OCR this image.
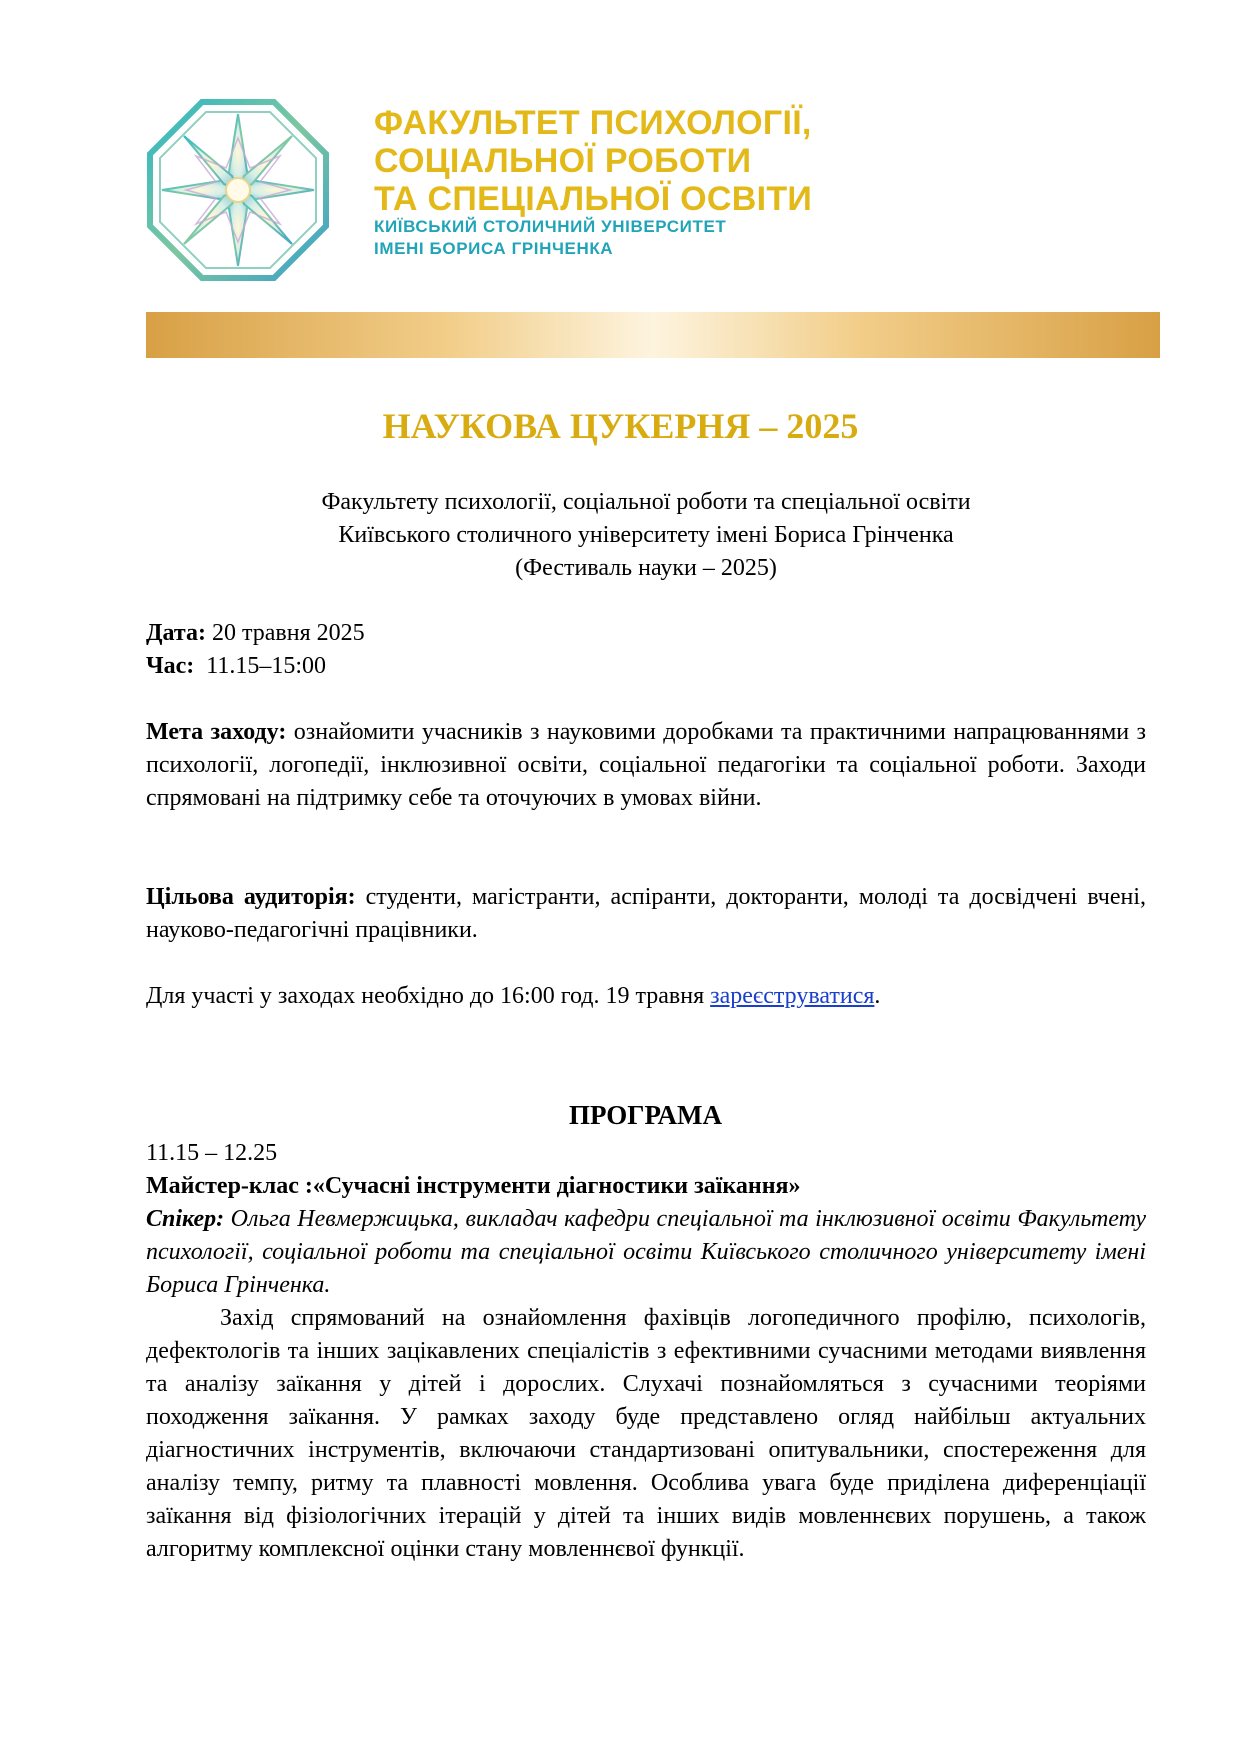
ФАКУЛЬТЕТ ПСИХОЛОГІЇ,
СОЦІАЛЬНОЇ РОБОТИ
ТА СПЕЦІАЛЬНОЇ ОСВІТИ
КИЇВСЬКИЙ СТОЛИЧНИЙ УНІВЕРСИТЕТ
ІМЕНІ БОРИСА ГРІНЧЕНКА
НАУКОВА ЦУКЕРНЯ – 2025
Факультету психології, соціальної роботи та спеціальної освіти
Київського столичного університету імені Бориса Грінченка
(Фестиваль науки – 2025)
Дата: 20 травня 2025
Час:  11.15–15:00
Мета заходу: ознайомити учасників з науковими доробками та практичними напрацюваннями з психології, логопедії, інклюзивної освіти, соціальної педагогіки та соціальної роботи. Заходи спрямовані на підтримку себе та оточуючих в умовах війни.
Цільова аудиторія: студенти, магістранти, аспіранти, докторанти, молоді та досвідчені вчені, науково-педагогічні працівники.
Для участі у заходах необхідно до 16:00 год. 19 травня зареєструватися.
ПРОГРАМА
11.15 – 12.25
Майстер-клас :«Сучасні інструменти діагностики заїкання»
Спікер: Ольга Невмержицька, викладач кафедри спеціальної та інклюзивної освіти Факультету психології, соціальної роботи та спеціальної освіти Київського столичного університету імені Бориса Грінченка.
Захід спрямований на ознайомлення фахівців логопедичного профілю, психологів, дефектологів та інших зацікавлених спеціалістів з ефективними сучасними методами виявлення та аналізу заїкання у дітей і дорослих. Слухачі познайомляться з сучасними теоріями походження заїкання. У рамках заходу буде представлено огляд найбільш актуальних діагностичних інструментів, включаючи стандартизовані опитувальники, спостереження для аналізу темпу, ритму та плавності мовлення. Особлива увага буде приділена диференціації заїкання від фізіологічних ітерацій у дітей та інших видів мовленнєвих порушень, а також алгоритму комплексної оцінки стану мовленнєвої функції.
